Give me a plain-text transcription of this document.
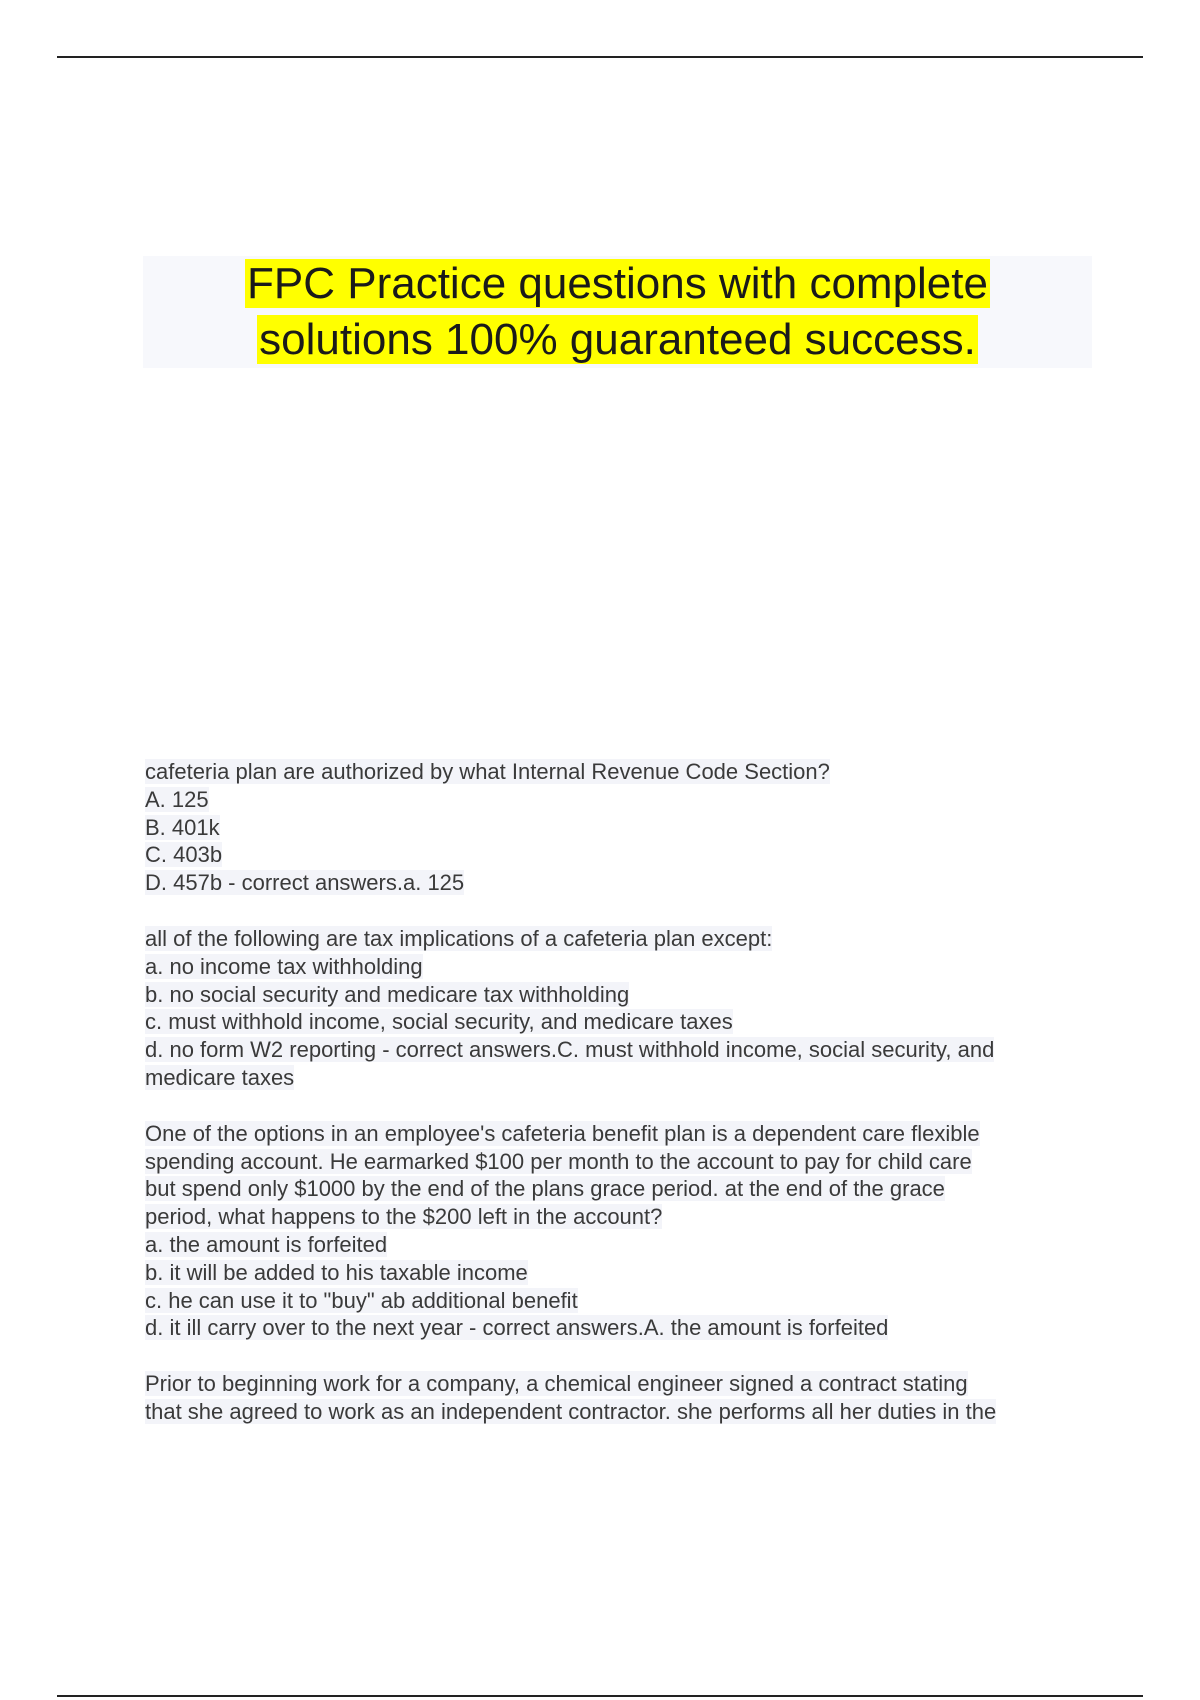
FPC Practice questions with complete
solutions 100% guaranteed success.
cafeteria plan are authorized by what Internal Revenue Code Section?
A. 125
B. 401k
C. 403b
D. 457b - correct answers.a. 125
all of the following are tax implications of a cafeteria plan except:
a. no income tax withholding
b. no social security and medicare tax withholding
c. must withhold income, social security, and medicare taxes
d. no form W2 reporting - correct answers.C. must withhold income, social security, and
medicare taxes
One of the options in an employee's cafeteria benefit plan is a dependent care flexible
spending account. He earmarked $100 per month to the account to pay for child care
but spend only $1000 by the end of the plans grace period. at the end of the grace
period, what happens to the $200 left in the account?
a. the amount is forfeited
b. it will be added to his taxable income
c. he can use it to "buy" ab additional benefit
d. it ill carry over to the next year - correct answers.A. the amount is forfeited
Prior to beginning work for a company, a chemical engineer signed a contract stating
that she agreed to work as an independent contractor. she performs all her duties in the
